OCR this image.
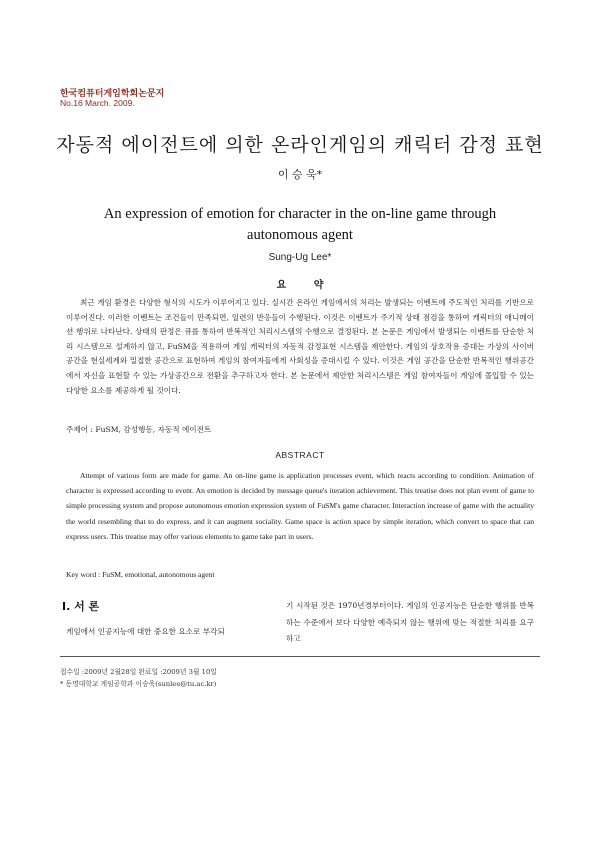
한국컴퓨터게임학회논문지
No.16 March. 2009.
자동적 에이전트에 의한 온라인게임의 캐릭터 감정 표현
이 승 욱*
An expression of emotion for character in the on-line game through
autonomous agent
Sung-Ug Lee*
요 약
최근 게임 환경은 다양한 형식의 시도가 이루어지고 있다. 실시간 온라인 게임에서의 처리는 발생되는 이벤트에 주도적인 처리를 기반으로 이루어진다. 이러한 이벤트는 조건들이 만족되면, 일련의 반응들이 수행된다. 이것은 이벤트가 주기적 상태 점검을 통하여 캐릭터의 애니메이션 행위로 나타난다. 상태의 판정은 큐를 통하여 반복적인 처리시스템의 수행으로 결정된다. 본 논문은 게임에서 발생되는 이벤트를 단순한 처리 시스템으로 설계하지 않고, FuSM을 적용하여 게임 캐릭터의 자동적 감정표현 시스템을 제안한다. 게임의 상호작용 증대는 가상의 사이버 공간을 현실세계와 밀접한 공간으로 표현하여 게임의 참여자들에게 사회성을 증대시킬 수 있다. 이것은 게임 공간을 단순한 반복적인 행위공간에서 자신을 표현할 수 있는 가상공간으로 전환을 추구하고자 한다. 본 논문에서 제안한 처리시스템은 게임 참여자들이 게임에 몰입할 수 있는 다양한 요소를 제공하게 될 것이다.
주제어 : FuSM, 감성행동, 자동적 에이전트
ABSTRACT
Attempt of various form are made for game. An on-line game is application processes event, which reacts according to condition. Animation of character is expressed according to event. An emotion is decided by message queue's iteration achievement. This treatise does not plan event of game to simple processing system and propose autonomous emotion expression system of FuSM's game character. Interaction increase of game with the actuality the world resembling that to do express, and it can augment sociality. Game space is action space by simple iteration, which convert to space that can express users. This treatise may offer various elements to game take part in users.
Key word : FuSM, emotional, autonomous agent
I. 서 론
게임에서 인공지능에 대한 중요한 요소로 부각되
기 시작된 것은 1970년경부터이다. 게임의 인공지능은 단순한 행위를 반복하는 수준에서 보다 다양한 예측되지 않는 행위에 맞는 적절한 처리를 요구하고
접수일 :2009년 2월28일 완료일 :2009년 3월 10일
* 동명대학교 게임공학과 이승욱(sunlee@tu.ac.kr)
